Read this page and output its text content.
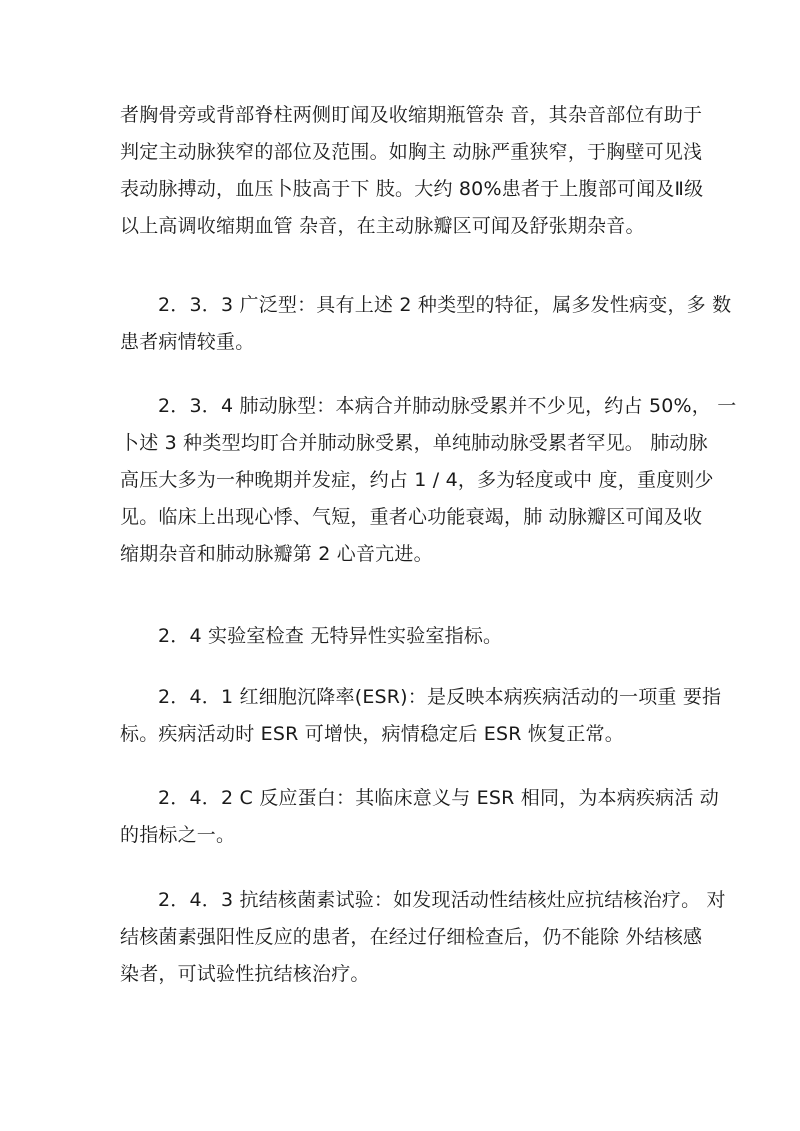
者胸骨旁或背部脊柱两侧盯闻及收缩期瓶管杂 音，其杂音部位有助于
判定主动脉狭窄的部位及范围。如胸主 动脉严重狭窄，于胸壁可见浅
表动脉搏动，血压卜肢高于下 肢。大约 80%患者于上腹部可闻及Ⅱ级
以上高调收缩期血管 杂音，在主动脉瓣区可闻及舒张期杂音。
2．3．3 广泛型：具有上述 2 种类型的特征，属多发性病变，多 数
患者病情较重。
2．3．4 肺动脉型：本病合并肺动脉受累并不少见，约占 50%， 一
卜述 3 种类型均盯合并肺动脉受累，单纯肺动脉受累者罕见。 肺动脉
高压大多为一种晚期并发症，约占 1 / 4，多为轻度或中 度，重度则少
见。临床上出现心悸、气短，重者心功能衰竭，肺 动脉瓣区可闻及收
缩期杂音和肺动脉瓣第 2 心音亢进。
2．4 实验室检查 无特异性实验室指标。
2．4．1 红细胞沉降率(ESR)：是反映本病疾病活动的一项重 要指
标。疾病活动时 ESR 可增快，病情稳定后 ESR 恢复正常。
2．4．2 C 反应蛋白：其临床意义与 ESR 相同，为本病疾病活 动
的指标之一。
2．4．3 抗结核菌素试验：如发现活动性结核灶应抗结核治疗。 对
结核菌素强阳性反应的患者，在经过仔细检查后，仍不能除 外结核感
染者，可试验性抗结核治疗。
